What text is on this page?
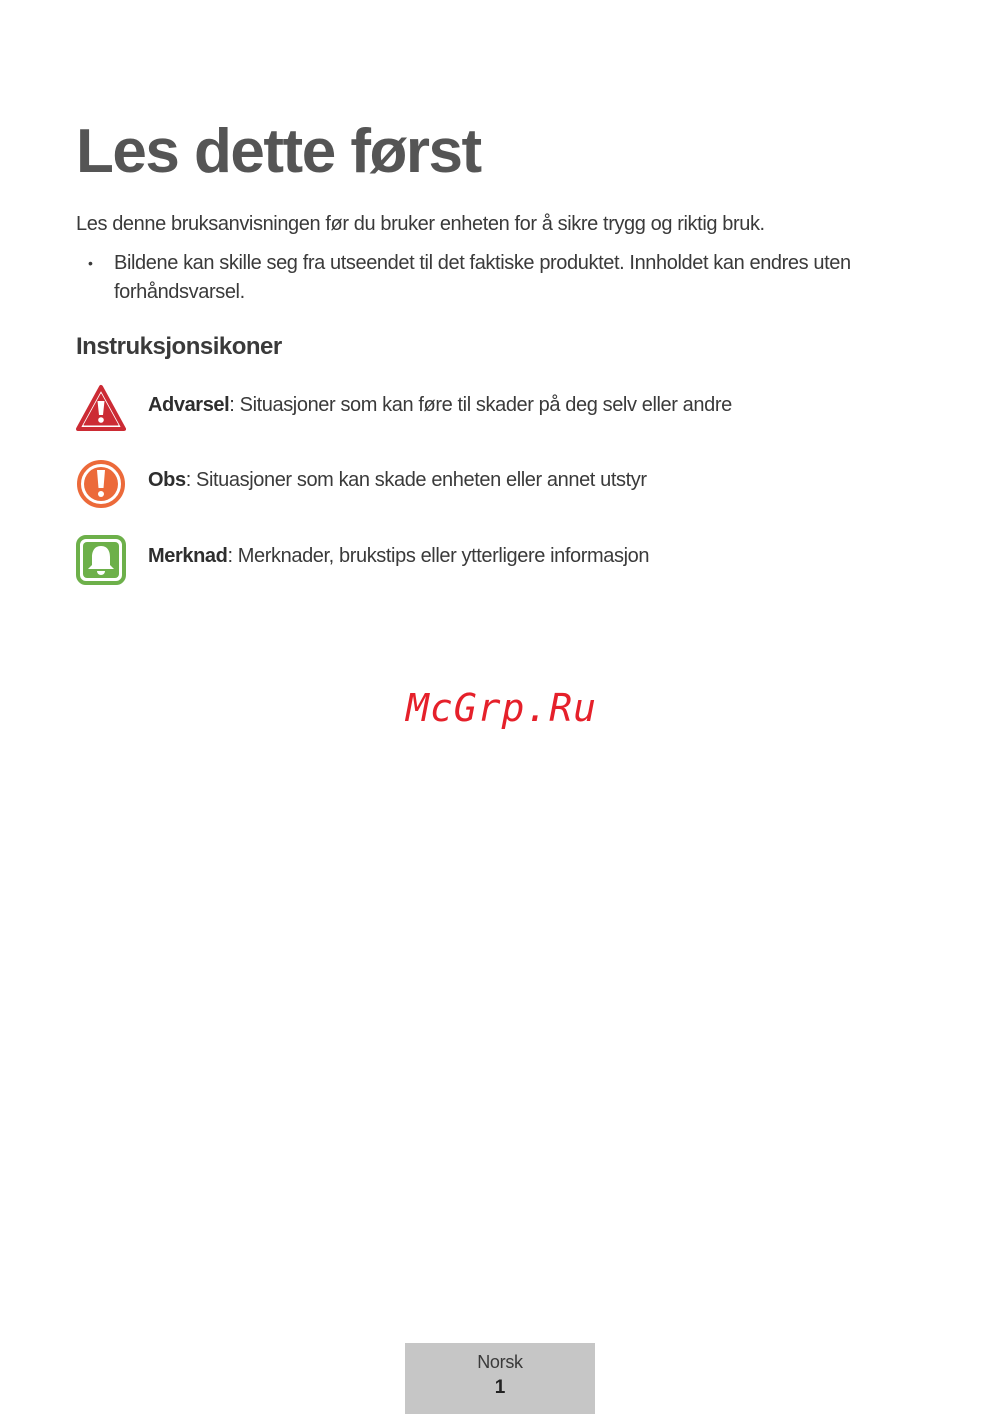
Les dette først

Les denne bruksanvisningen før du bruker enheten for å sikre trygg og riktig bruk.

• Bildene kan skille seg fra utseendet til det faktiske produktet. Innholdet kan endres uten forhåndsvarsel.
Instruksjonsikoner
Advarsel: Situasjoner som kan føre til skader på deg selv eller andre
Obs: Situasjoner som kan skade enheten eller annet utstyr
Merknad: Merknader, brukstips eller ytterligere informasjon
McGrp.Ru
Norsk
1
